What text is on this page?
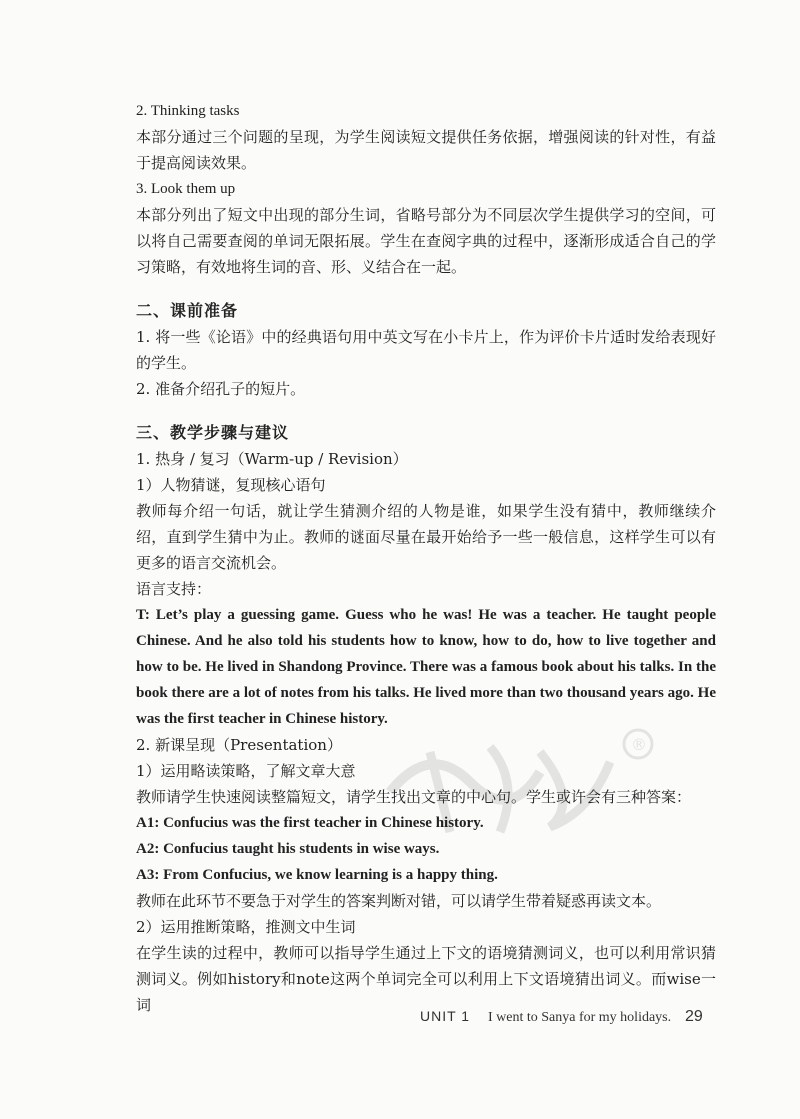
®

2. Thinking tasks

本部分通过三个问题的呈现，为学生阅读短文提供任务依据，增强阅读的针对性，有益于提高阅读效果。

3. Look them up

本部分列出了短文中出现的部分生词，省略号部分为不同层次学生提供学习的空间，可以将自己需要查阅的单词无限拓展。学生在查阅字典的过程中，逐渐形成适合自己的学习策略，有效地将生词的音、形、义结合在一起。

二、课前准备

1. 将一些《论语》中的经典语句用中英文写在小卡片上，作为评价卡片适时发给表现好的学生。

2. 准备介绍孔子的短片。

三、教学步骤与建议

1. 热身 / 复习（Warm-up / Revision）

1）人物猜谜，复现核心语句

教师每介绍一句话，就让学生猜测介绍的人物是谁，如果学生没有猜中，教师继续介绍，直到学生猜中为止。教师的谜面尽量在最开始给予一些一般信息，这样学生可以有更多的语言交流机会。

语言支持：

T: Let’s play a guessing game. Guess who he was! He was a teacher. He taught people Chinese. And he also told his students how to know, how to do, how to live together and how to be. He lived in Shandong Province. There was a famous book about his talks. In the book there are a lot of notes from his talks. He lived more than two thousand years ago. He was the first teacher in Chinese history.

2. 新课呈现（Presentation）

1）运用略读策略，了解文章大意

教师请学生快速阅读整篇短文，请学生找出文章的中心句。学生或许会有三种答案：

A1: Confucius was the first teacher in Chinese history.

A2: Confucius taught his students in wise ways.

A3: From Confucius, we know learning is a happy thing.

教师在此环节不要急于对学生的答案判断对错，可以请学生带着疑惑再读文本。

2）运用推断策略，推测文中生词

在学生读的过程中，教师可以指导学生通过上下文的语境猜测词义，也可以利用常识猜测词义。例如history和note这两个单词完全可以利用上下文语境猜出词义。而wise一词

UNIT 1 I went to Sanya for my holidays. 29
